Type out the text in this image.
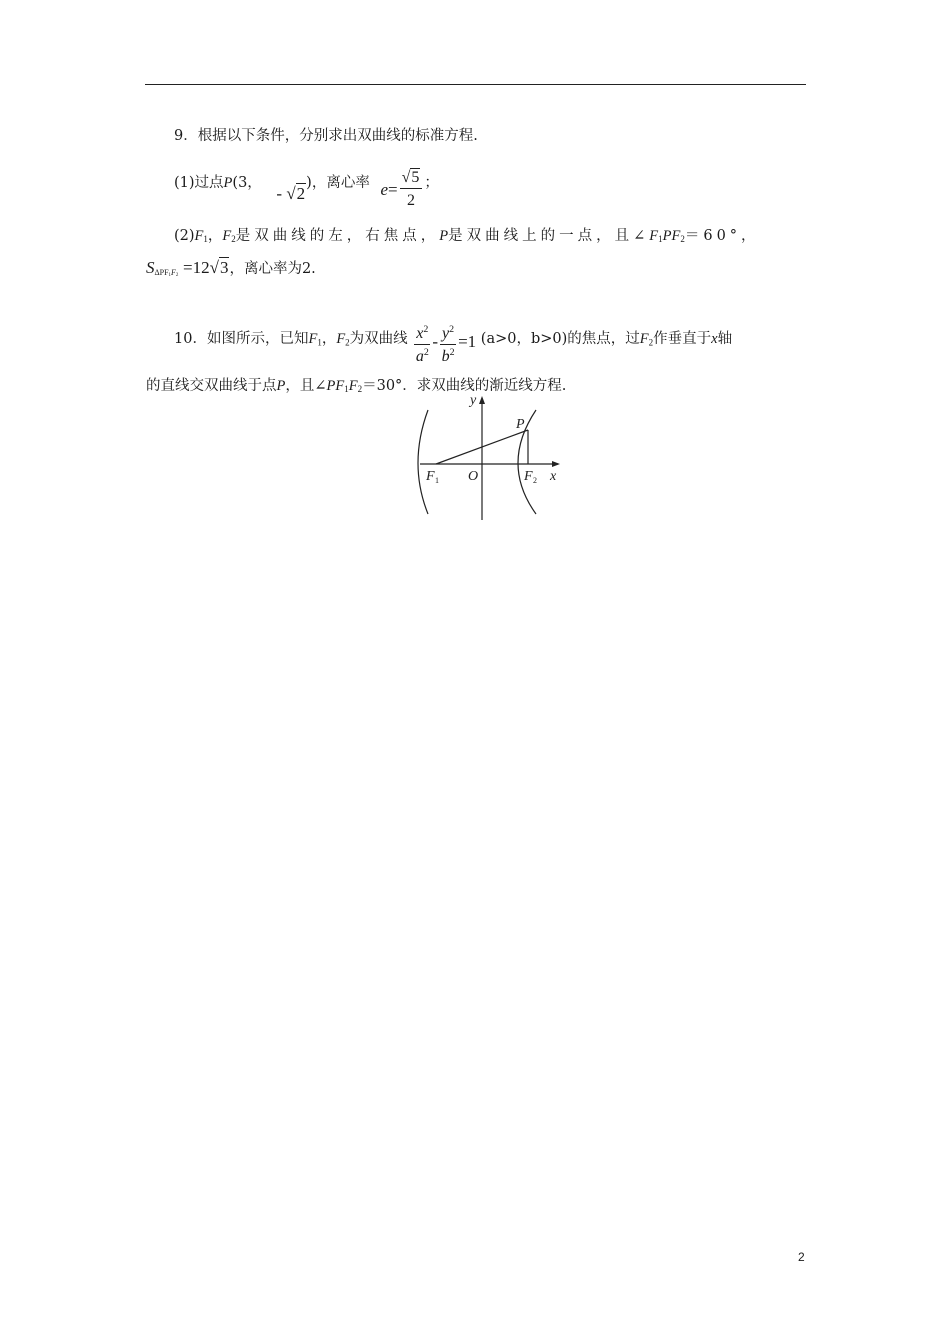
9．根据以下条件，分别求出双曲线的标准方程.
(1)过点P(3， - √2)，离心率 $e= \frac{√5}{2}$ ；
$(2)F_1$，$F_2$是双曲线的左，右焦点，P是双曲线上的一点，且$\angle F_1PF_2=60^\circ$，
$S_{\Delta PF_1F_2} =12√3$，离心率为2.
10．如图所示，已知$F_1$，$F_2$为双曲线 $\frac{x^2}{a^2} - \frac{y^2}{b^2} =1$ (a>0，b>0)的焦点，过$F_2$作垂直于x轴
的直线交双曲线于点P，且$\angle PF_1F_2=30^\circ$．求双曲线的渐近线方程.
y
x
P
O
F	F
1	2
2
